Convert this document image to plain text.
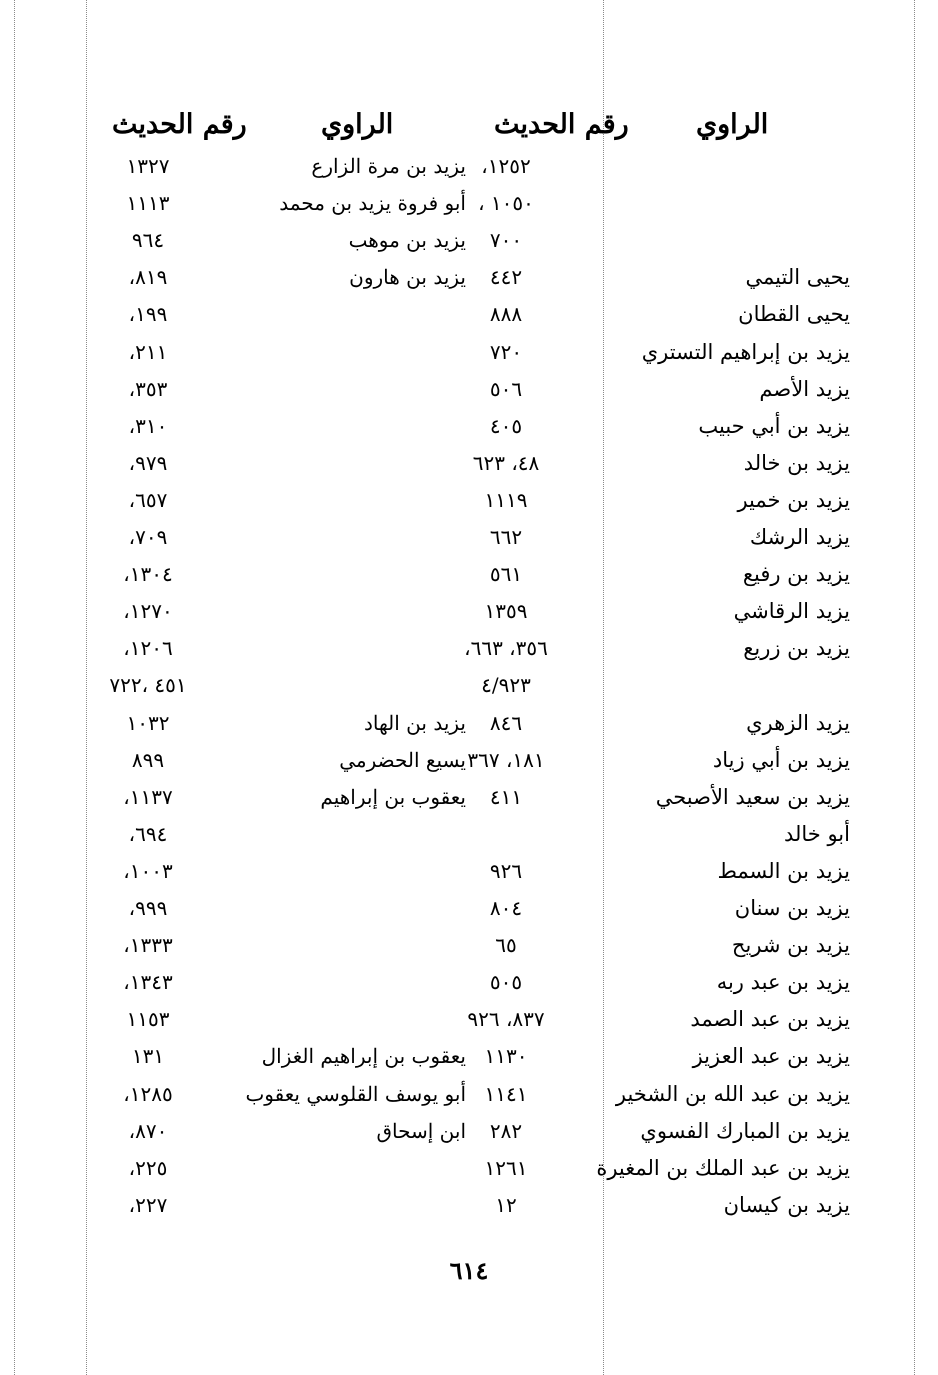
الراوي
رقم الحديث
الراوي
رقم الحديث
١٢٥٢،
يزيد بن مرة الزارع
١٣٢٧
١٠٥٠ ،
أبو فروة يزيد بن محمد
١١١٣
٧٠٠
يزيد بن موهب
٩٦٤
يحيى التيمي
٤٤٢
يزيد بن هارون
٨١٩،
يحيى القطان
٨٨٨
١٩٩،
يزيد بن إبراهيم التستري
٧٢٠
٢١١،
يزيد الأصم
٥٠٦
٣٥٣،
يزيد بن أبي حبيب
٤٠٥
٣١٠،
يزيد بن خالد
٤٨، ٦٢٣
٩٧٩،
يزيد بن خمير
١١١٩
٦٥٧،
يزيد الرشك
٦٦٢
٧٠٩،
يزيد بن رفيع
٥٦١
١٣٠٤،
يزيد الرقاشي
١٣٥٩
١٢٧٠،
يزيد بن زريع
٣٥٦، ٦٦٣،
١٢٠٦،
٤/٩٢٣
٤٥١ ،٧٢٢
يزيد الزهري
٨٤٦
يزيد بن الهاد
١٠٣٢
يزيد بن أبي زياد
١٨١، ٣٦٧
يسيع الحضرمي
٨٩٩
يزيد بن سعيد الأصبحي
٤١١
يعقوب بن إبراهيم
١١٣٧،
أبو خالد
٦٩٤،
يزيد بن السمط
٩٢٦
١٠٠٣،
يزيد بن سنان
٨٠٤
٩٩٩،
يزيد بن شريح
٦٥
١٣٣٣،
يزيد بن عبد ربه
٥٠٥
١٣٤٣،
يزيد بن عبد الصمد
٨٣٧، ٩٢٦
١١٥٣
يزيد بن عبد العزيز
١١٣٠
يعقوب بن إبراهيم الغزال
١٣١
يزيد بن عبد الله بن الشخير
١١٤١
أبو يوسف القلوسي يعقوب
١٢٨٥،
يزيد بن المبارك الفسوي
٢٨٢
ابن إسحاق
٨٧٠،
يزيد بن عبد الملك بن المغيرة
١٢٦١
٢٢٥،
يزيد بن كيسان
١٢
٢٢٧،
٦١٤
